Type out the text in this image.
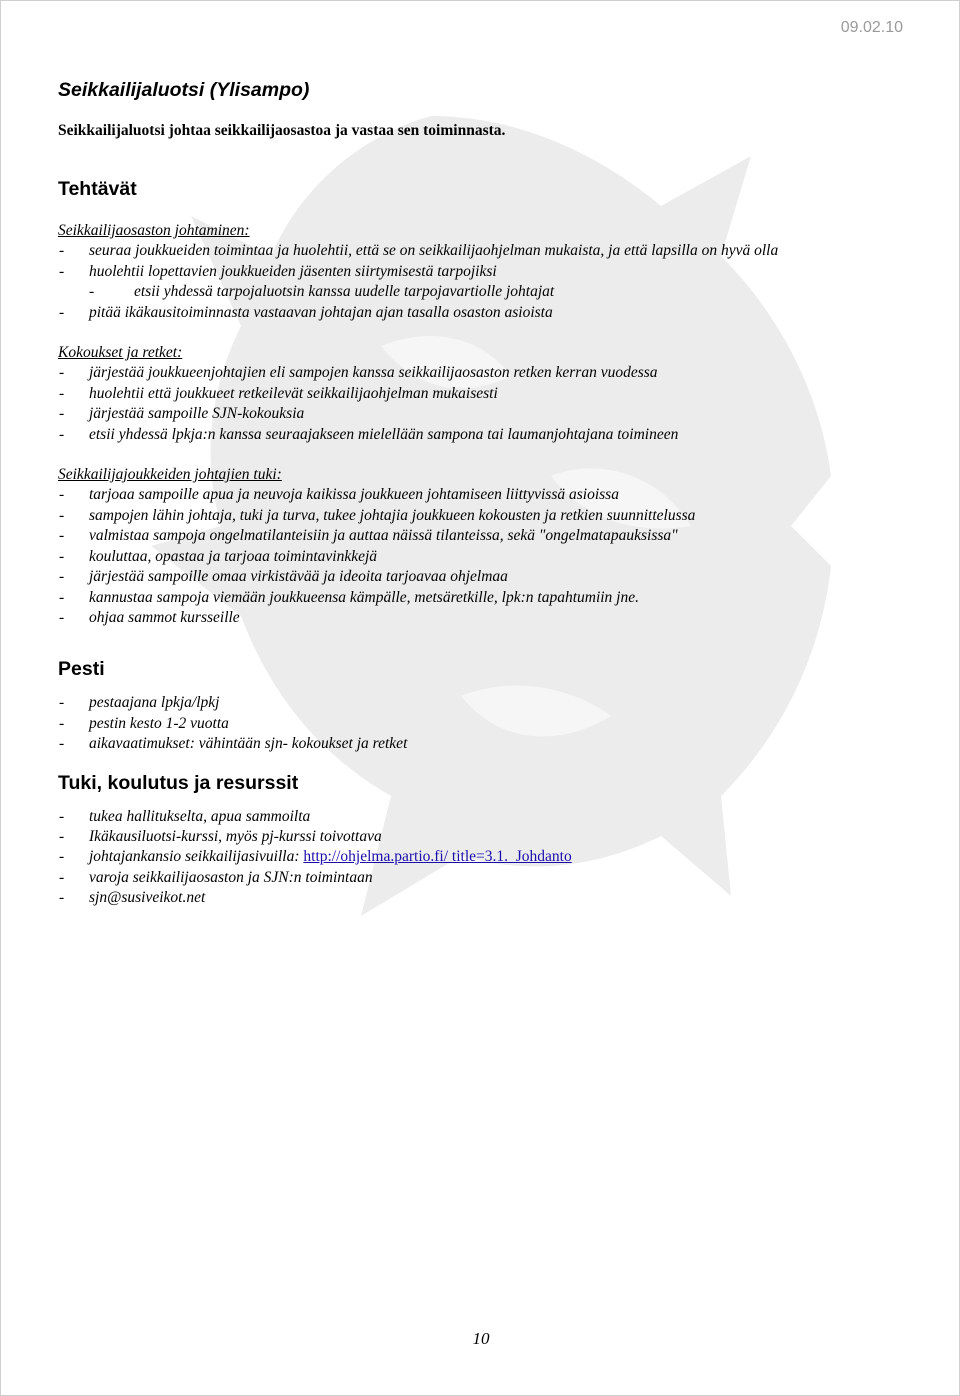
09.02.10
Seikkailijaluotsi (Ylisampo)

Seikkailijaluotsi johtaa seikkailijaosastoa ja vastaa sen toiminnasta.

Tehtävät
Seikkailijaosaston johtaminen:
- seuraa joukkueiden toimintaa ja huolehtii, että se on seikkailijaohjelman mukaista, ja että lapsilla on hyvä olla
- huolehtii lopettavien joukkueiden jäsenten siirtymisestä tarpojiksi
- etsii yhdessä tarpojaluotsin kanssa uudelle tarpojavartiolle johtajat
- pitää ikäkausitoiminnasta vastaavan johtajan ajan tasalla osaston asioista
Kokoukset ja retket:
- järjestää joukkueenjohtajien eli sampojen kanssa seikkailijaosaston retken kerran vuodessa
- huolehtii että joukkueet retkeilevät seikkailijaohjelman mukaisesti
- järjestää sampoille SJN-kokouksia
- etsii yhdessä lpkja:n kanssa seuraajakseen mielellään sampona tai laumanjohtajana toimineen
Seikkailijajoukkeiden johtajien tuki:
- tarjoaa sampoille apua ja neuvoja kaikissa joukkueen johtamiseen liittyvissä asioissa
- sampojen lähin johtaja, tuki ja turva, tukee johtajia joukkueen kokousten ja retkien suunnittelussa
- valmistaa sampoja ongelmatilanteisiin ja auttaa näissä tilanteissa, sekä "ongelmatapauksissa"
- kouluttaa, opastaa ja tarjoaa toimintavinkkejä
- järjestää sampoille omaa virkistävää ja ideoita tarjoavaa ohjelmaa
- kannustaa sampoja viemään joukkueensa kämpälle, metsäretkille, lpk:n tapahtumiin jne.
- ohjaa sammot kursseille
Pesti
- pestaajana lpkja/lpkj
- pestin kesto 1-2 vuotta
- aikavaatimukset: vähintään sjn- kokoukset ja retket
Tuki, koulutus ja resurssit
- tukea hallitukselta, apua sammoilta
- Ikäkausiluotsi-kurssi, myös pj-kurssi toivottava
- johtajankansio seikkailijasivuilla: http://ohjelma.partio.fi/ title=3.1._Johdanto
- varoja seikkailijaosaston ja SJN:n toimintaan
- sjn@susiveikot.net
10
